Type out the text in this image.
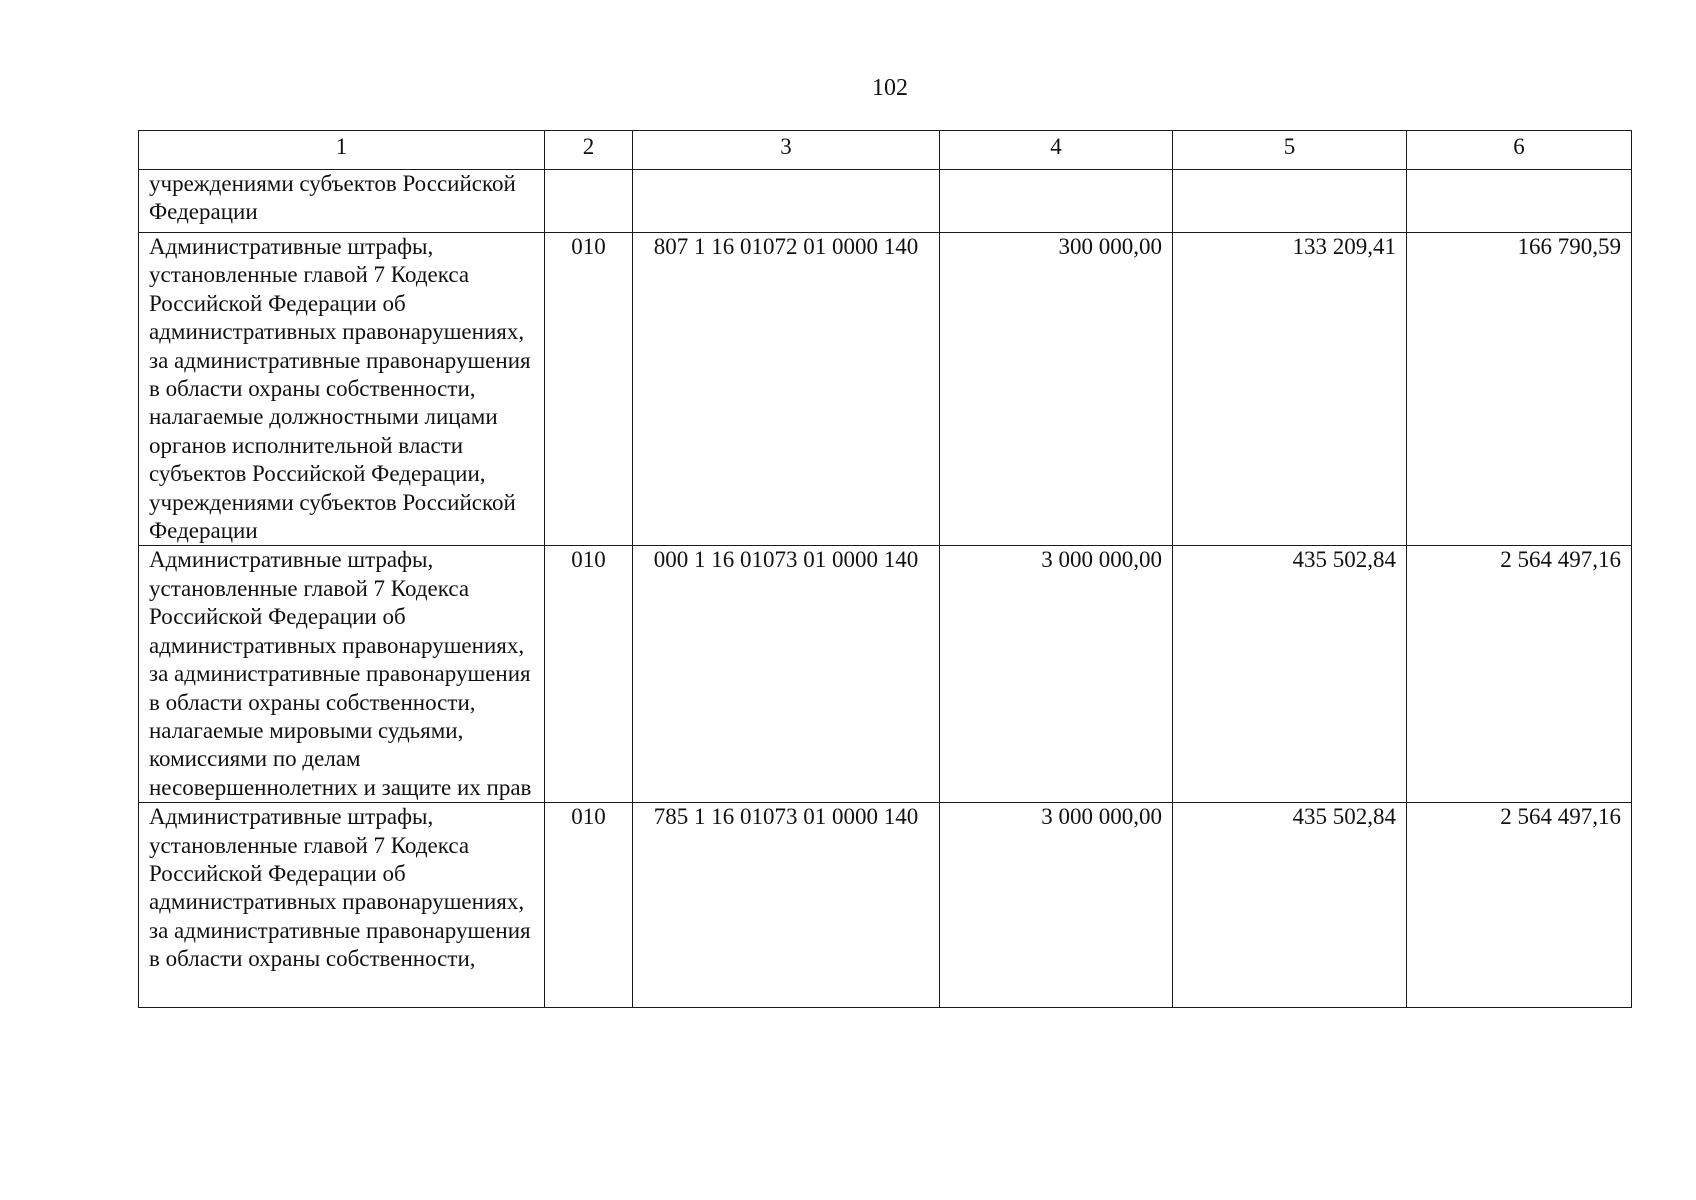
102
1	2	3	4	5	6
учреждениями субъектов Российской Федерации					
Административные штрафы, установленные главой 7 Кодекса Российской Федерации об административных правонарушениях, за административные правонарушения в области охраны собственности, налагаемые должностными лицами органов исполнительной власти субъектов Российской Федерации, учреждениями субъектов Российской Федерации	010	807 1 16 01072 01 0000 140	300 000,00	133 209,41	166 790,59
Административные штрафы, установленные главой 7 Кодекса Российской Федерации об административных правонарушениях, за административные правонарушения в области охраны собственности, налагаемые мировыми судьями, комиссиями по делам несовершеннолетних и защите их прав	010	000 1 16 01073 01 0000 140	3 000 000,00	435 502,84	2 564 497,16

Административные штрафы, установленные главой 7 Кодекса Российской Федерации об административных правонарушениях, за административные правонарушения в области охраны собственности,	010	785 1 16 01073 01 0000 140	3 000 000,00	435 502,84	2 564 497,16
